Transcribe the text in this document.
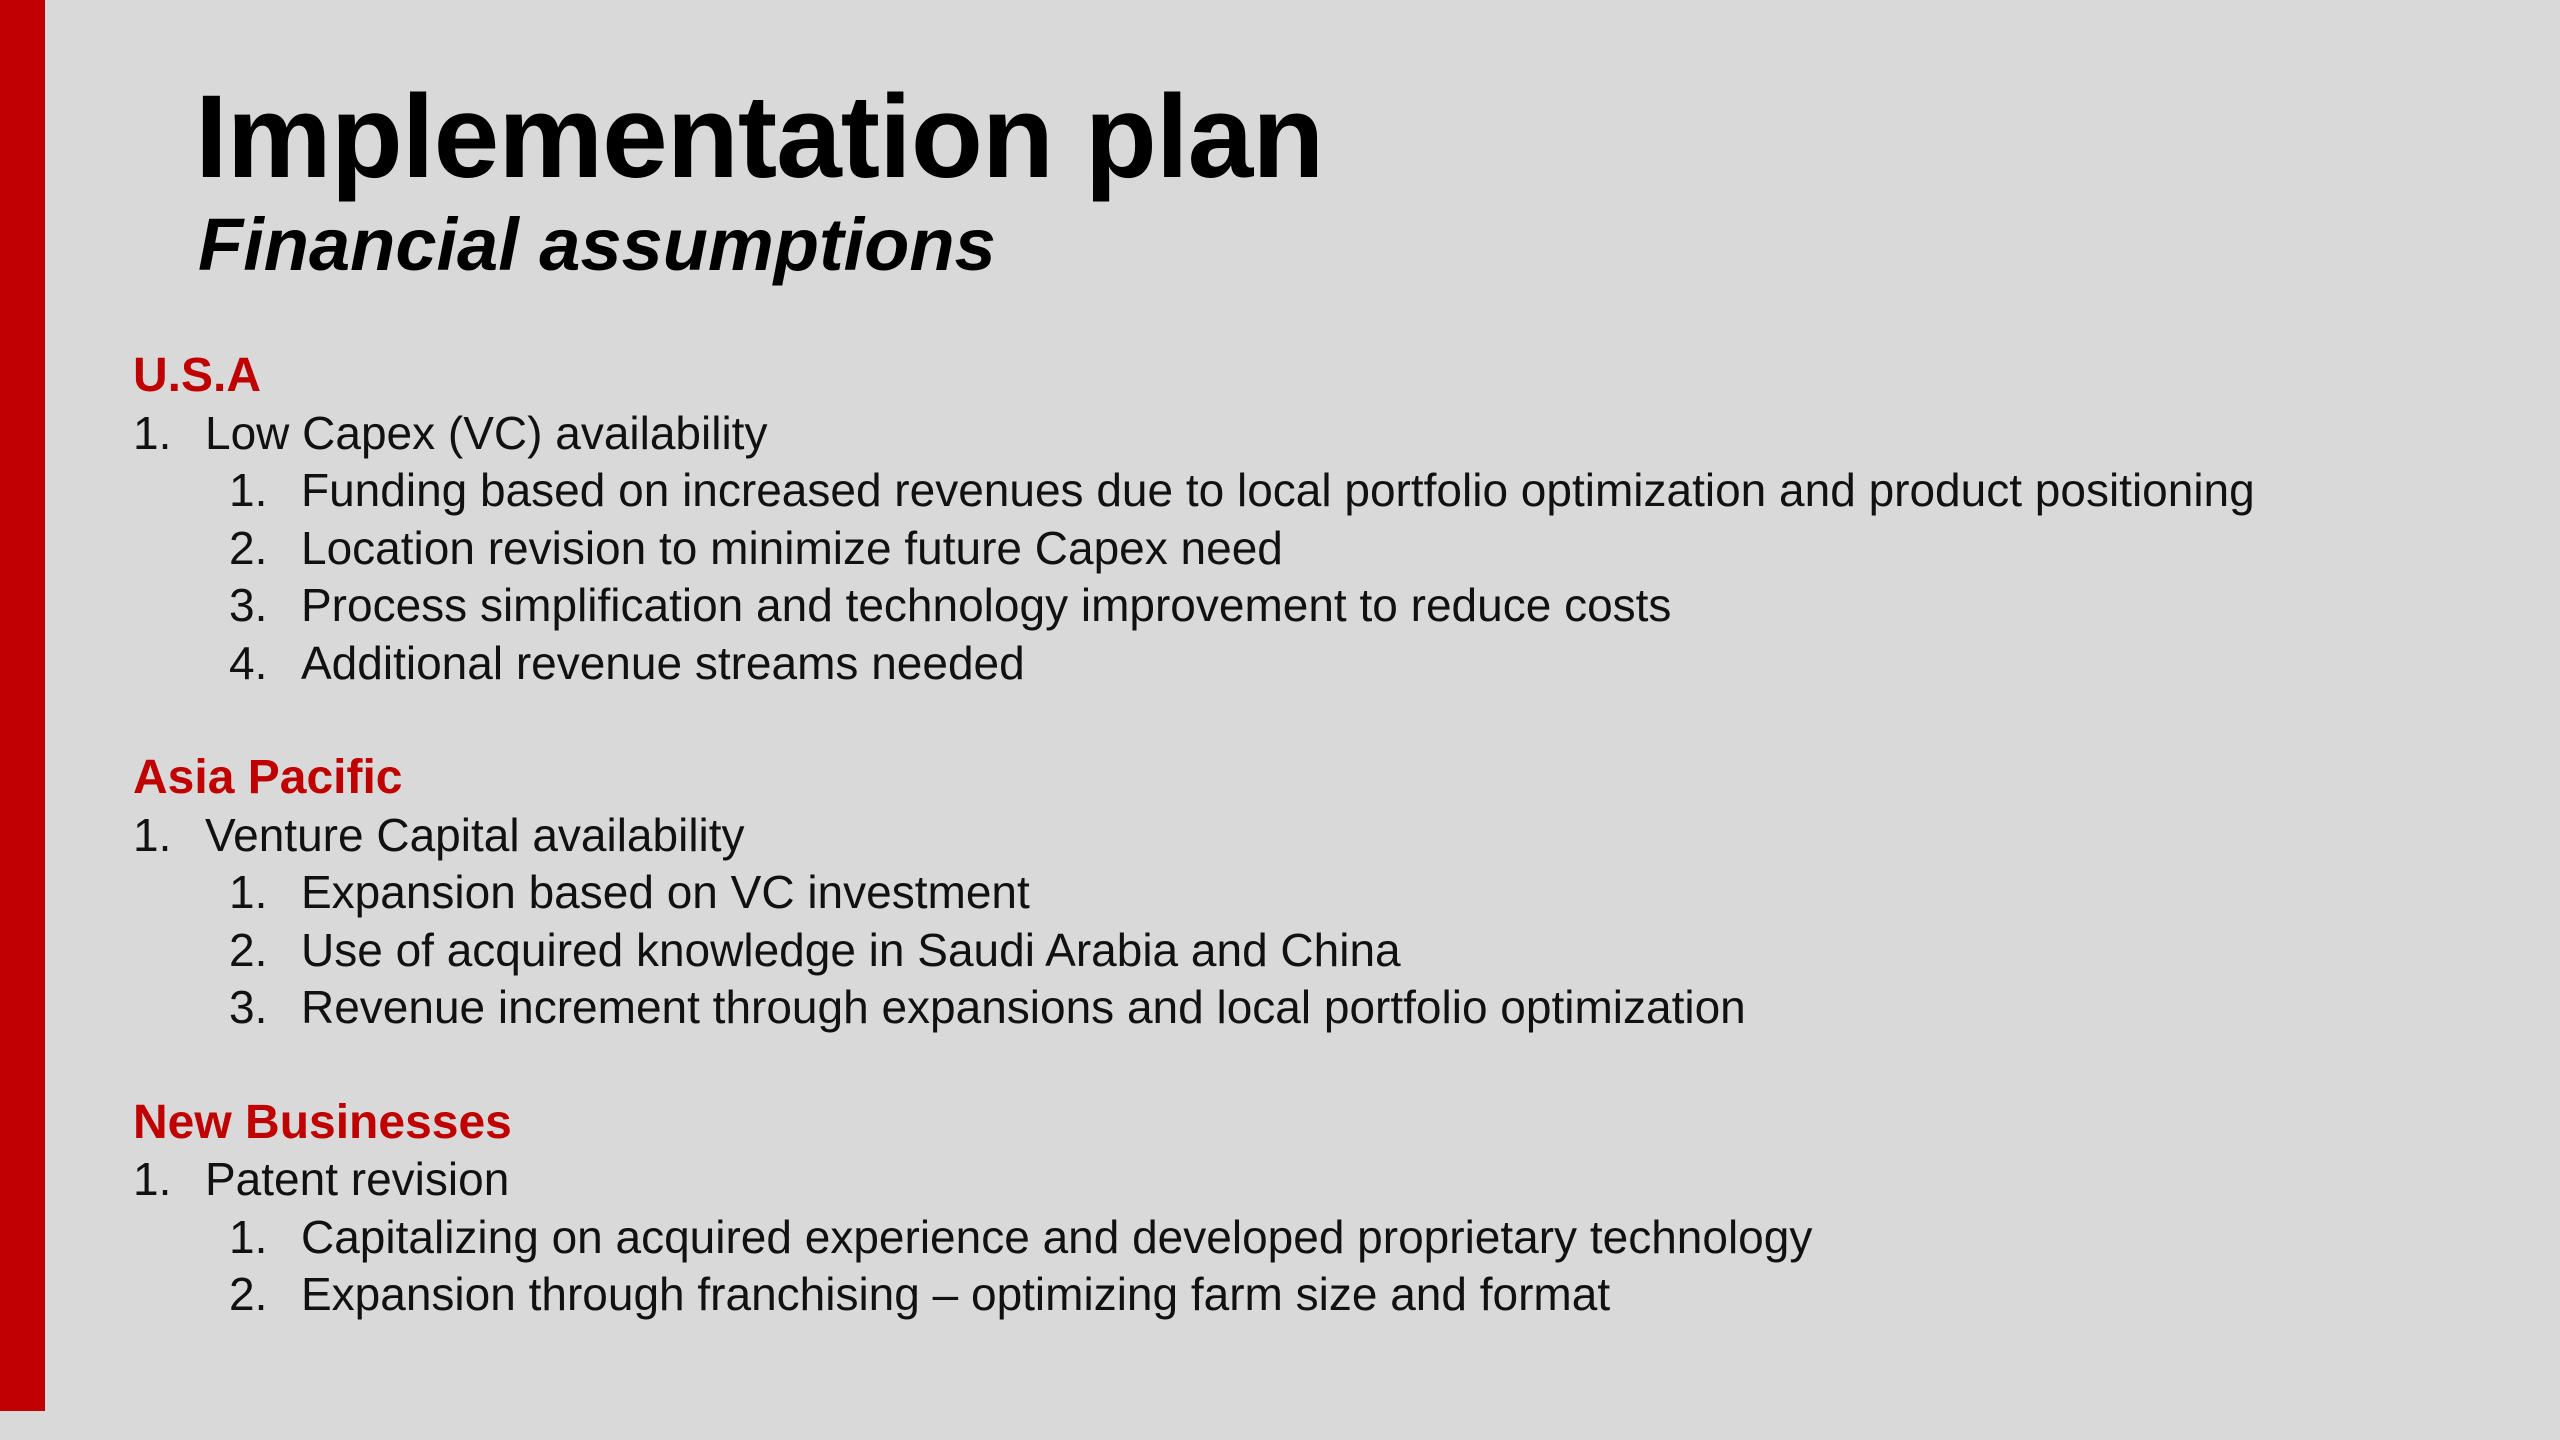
Implementation plan
Financial assumptions
U.S.A
1. Low Capex (VC) availability
1. Funding based on increased revenues due to local portfolio optimization and product positioning
2. Location revision to minimize future Capex need
3. Process simplification and technology improvement to reduce costs
4. Additional revenue streams needed
Asia Pacific
1. Venture Capital availability
1. Expansion based on VC investment
2. Use of acquired knowledge in Saudi Arabia and China
3. Revenue increment through expansions and local portfolio optimization
New Businesses
1. Patent revision
1. Capitalizing on acquired experience and developed proprietary technology
2. Expansion through franchising – optimizing farm size and format
